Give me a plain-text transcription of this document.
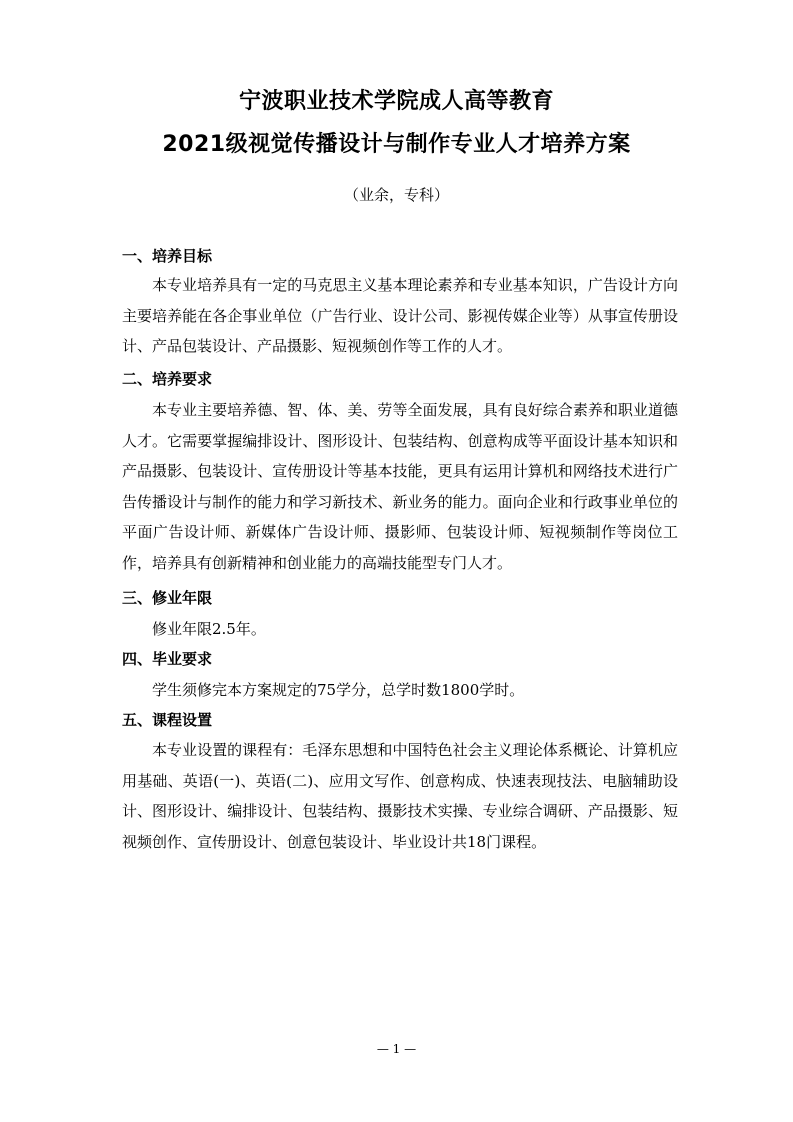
宁波职业技术学院成人高等教育
2021级视觉传播设计与制作专业人才培养方案
（业余，专科）
一、培养目标
本专业培养具有一定的马克思主义基本理论素养和专业基本知识，广告设计方向主要培养能在各企事业单位（广告行业、设计公司、影视传媒企业等）从事宣传册设计、产品包装设计、产品摄影、短视频创作等工作的人才。
二、培养要求
本专业主要培养德、智、体、美、劳等全面发展，具有良好综合素养和职业道德人才。它需要掌握编排设计、图形设计、包装结构、创意构成等平面设计基本知识和产品摄影、包装设计、宣传册设计等基本技能，更具有运用计算机和网络技术进行广告传播设计与制作的能力和学习新技术、新业务的能力。面向企业和行政事业单位的平面广告设计师、新媒体广告设计师、摄影师、包装设计师、短视频制作等岗位工作，培养具有创新精神和创业能力的高端技能型专门人才。
三、修业年限
修业年限2.5年。
四、毕业要求
学生须修完本方案规定的75学分，总学时数1800学时。
五、课程设置
本专业设置的课程有：毛泽东思想和中国特色社会主义理论体系概论、计算机应用基础、英语(一)、英语(二)、应用文写作、创意构成、快速表现技法、电脑辅助设计、图形设计、编排设计、包装结构、摄影技术实操、专业综合调研、产品摄影、短视频创作、宣传册设计、创意包装设计、毕业设计共18门课程。
— 1 —
